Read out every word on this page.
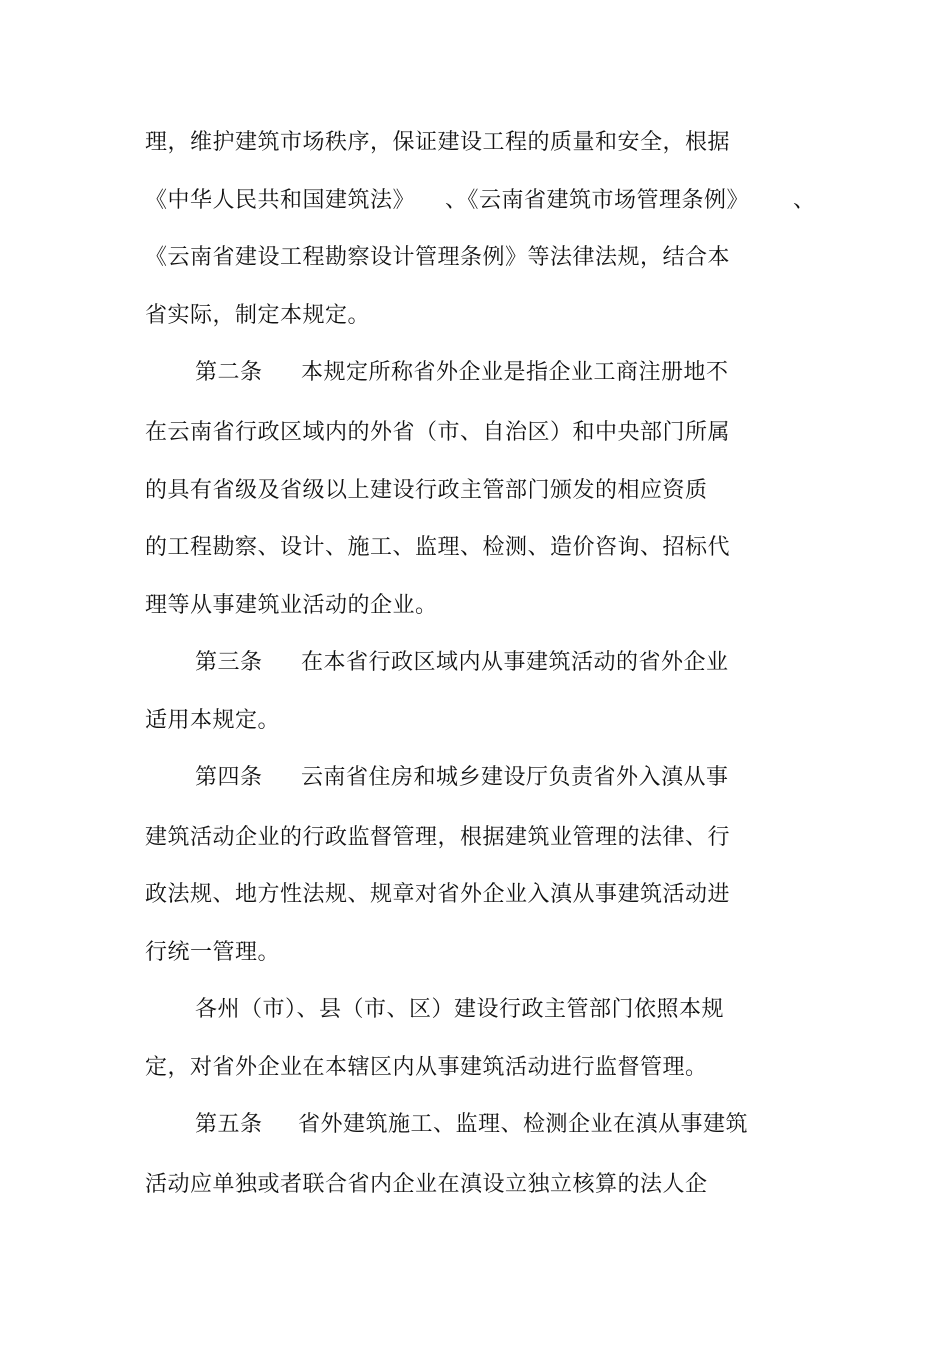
理，维护建筑市场秩序，保证建设工程的质量和安全，根据
《中华人民共和国建筑法》 、《云南省建筑市场管理条例》 、
《云南省建设工程勘察设计管理条例》等法律法规，结合本
省实际，制定本规定。
第二条 本规定所称省外企业是指企业工商注册地不
在云南省行政区域内的外省（市、自治区）和中央部门所属
的具有省级及省级以上建设行政主管部门颁发的相应资质
的工程勘察、设计、施工、监理、检测、造价咨询、招标代
理等从事建筑业活动的企业。
第三条 在本省行政区域内从事建筑活动的省外企业
适用本规定。
第四条 云南省住房和城乡建设厅负责省外入滇从事
建筑活动企业的行政监督管理，根据建筑业管理的法律、行
政法规、地方性法规、规章对省外企业入滇从事建筑活动进
行统一管理。
各州（市）、县（市、区）建设行政主管部门依照本规
定，对省外企业在本辖区内从事建筑活动进行监督管理。
第五条 省外建筑施工、监理、检测企业在滇从事建筑
活动应单独或者联合省内企业在滇设立独立核算的法人企
